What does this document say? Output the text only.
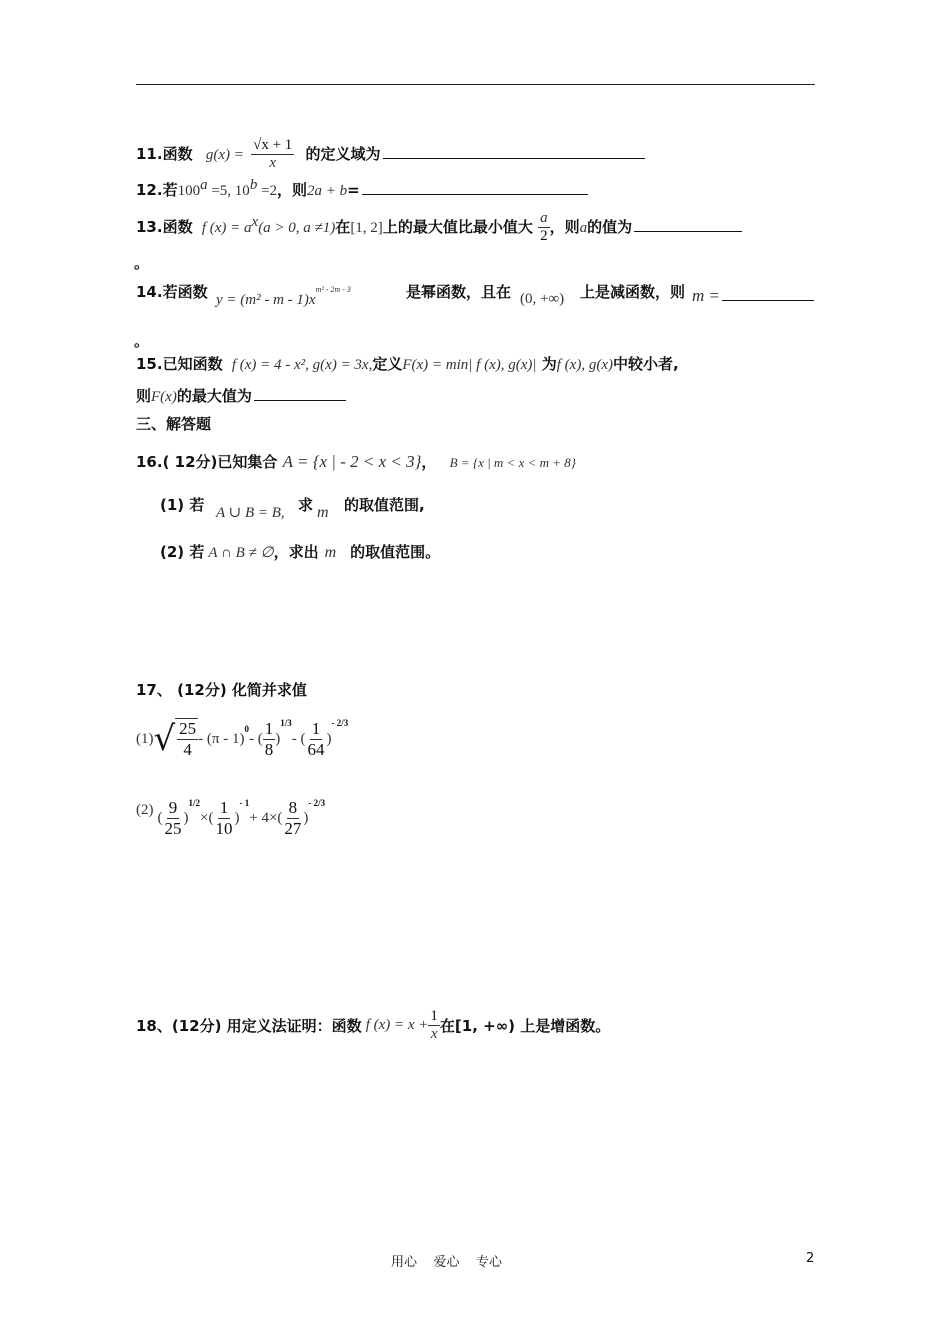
11.函数 $g(x) = \frac{√x + 1}{x}$ 的定义域为
12.若$100^a =5$, $10^b =2$，则2a + b=
13.函数 f $(x) = a^x(a > 0$, a ≠1)在[1, 2]上的最大值比最小值大 $\frac{a}{2}$ ，则a的值为
。
14.若函数 $y = (m^2 - m - 1)x^{m^2 - 2m - 3}$	是幂函数，且在 (0, +∞) 上是减函数，则 m =
。
15.已知函数 f (x) = 4 - x², g(x) = 3x,定义F(x) = min| f (x), g(x)| 为f (x), g(x)中较小者,
则F(x)的最大值为
三、解答题
16.( 12分)已知集合 A = {x | - 2 < x < 3}， B = {x | m < x < m + 8}
(1) 若 A ∪ B = B, 求 m 的取值范围,
(2) 若 A ∩ B ≠ ∅，求出 m 的取值范围。
17、 (12分) 化简并求值
(1) √ $\frac{25}{4} - (\pi - 1)$
$^0$
- ( $\frac{1}{8}$ )
1/3
- ( $\frac{1}{64}$ )
- 2/3
(2) ( $\frac{9}{25}$ )
1/2
×( $\frac{1}{10}$ )
- 1
+ $4\times( \frac{8}{27}$ )
- 2/3
18、(12分) 用定义法证明：函数 f $(x) = x + \frac{1}{x}$ 在[1, +∞) 上是增函数。
用心    爱心    专心	2
